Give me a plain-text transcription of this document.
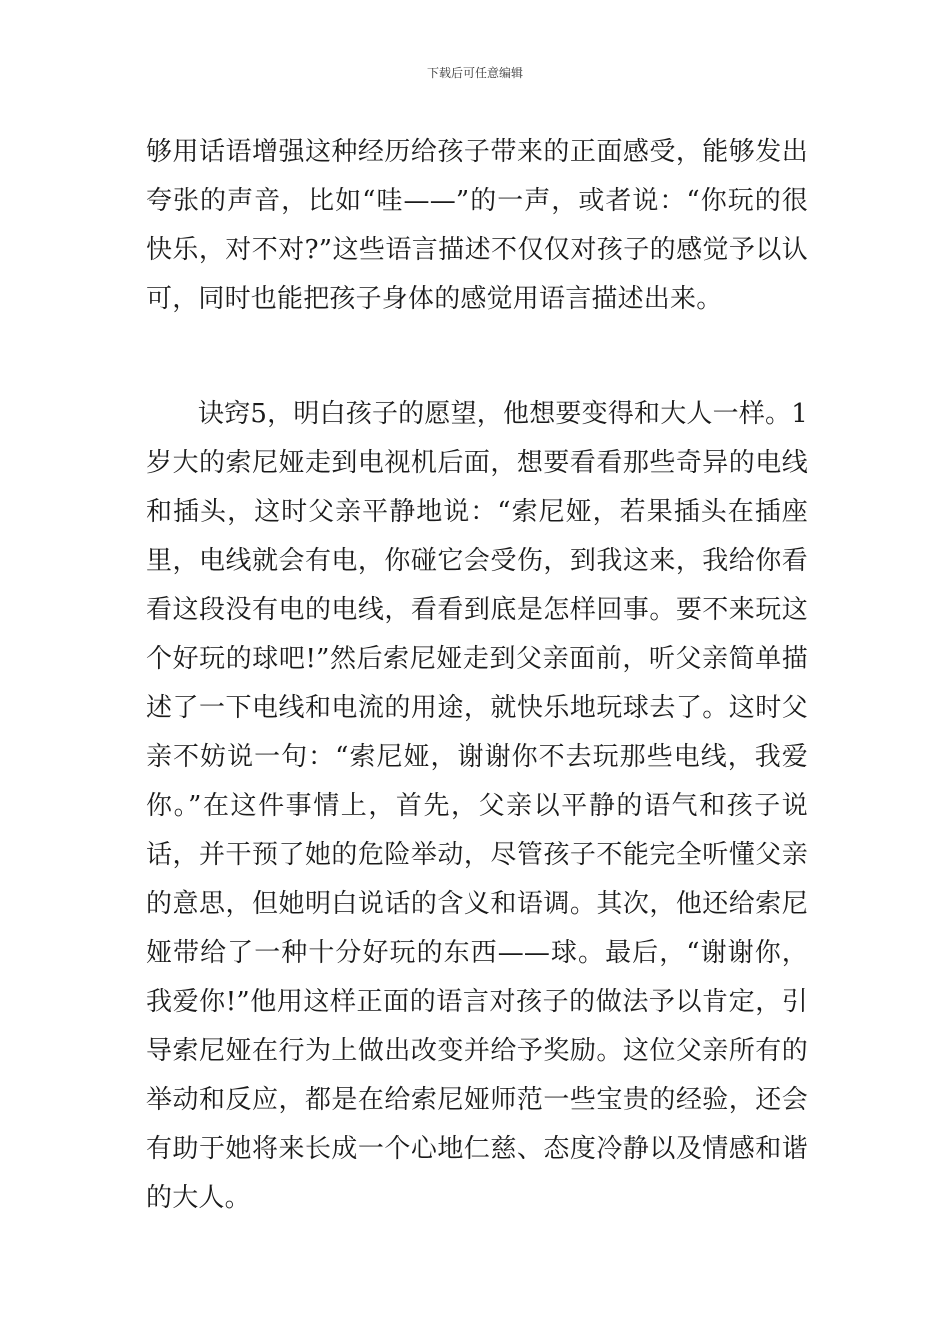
下载后可任意编辑

够用话语增强这种经历给孩子带来的正面感受，能够发出夸张的声音，比如“哇——”的一声，或者说：“你玩的很快乐，对不对?”这些语言描述不仅仅对孩子的感觉予以认可，同时也能把孩子身体的感觉用语言描述出来。

诀窍5，明白孩子的愿望，他想要变得和大人一样。1岁大的索尼娅走到电视机后面，想要看看那些奇异的电线和插头，这时父亲平静地说：“索尼娅，若果插头在插座里，电线就会有电，你碰它会受伤，到我这来，我给你看看这段没有电的电线，看看到底是怎样回事。要不来玩这个好玩的球吧!”然后索尼娅走到父亲面前，听父亲简单描述了一下电线和电流的用途，就快乐地玩球去了。这时父亲不妨说一句：“索尼娅，谢谢你不去玩那些电线，我爱你。”在这件事情上，首先，父亲以平静的语气和孩子说话，并干预了她的危险举动，尽管孩子不能完全听懂父亲的意思，但她明白说话的含义和语调。其次，他还给索尼娅带给了一种十分好玩的东西——球。最后，“谢谢你，我爱你!”他用这样正面的语言对孩子的做法予以肯定，引导索尼娅在行为上做出改变并给予奖励。这位父亲所有的举动和反应，都是在给索尼娅师范一些宝贵的经验，还会有助于她将来长成一个心地仁慈、态度冷静以及情感和谐的大人。
